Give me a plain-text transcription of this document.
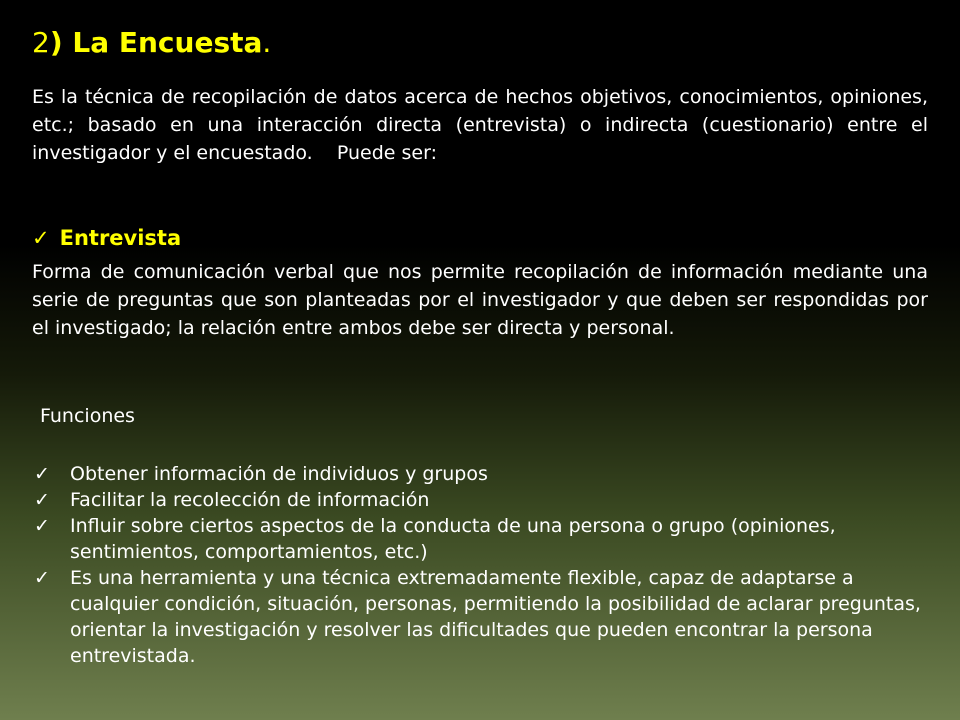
2) La Encuesta.

Es la técnica de recopilación de datos acerca de hechos objetivos, conocimientos, opiniones, etc.; basado en una interacción directa (entrevista) o indirecta (cuestionario) entre el investigador y el encuestado.    Puede ser:

✓ Entrevista

Forma de comunicación verbal que nos permite recopilación de información mediante una serie de preguntas que son planteadas por el investigador y que deben ser respondidas por el investigado; la relación entre ambos debe ser directa y personal.

Funciones
✓ Obtener información de individuos y grupos
✓ Facilitar la recolección de información
✓ Influir sobre ciertos aspectos de la conducta de una persona o grupo (opiniones, sentimientos, comportamientos, etc.)
✓ Es una herramienta y una técnica extremadamente flexible, capaz de adaptarse a cualquier condición, situación, personas, permitiendo la posibilidad de aclarar preguntas, orientar la investigación y resolver las dificultades que pueden encontrar la persona entrevistada.
